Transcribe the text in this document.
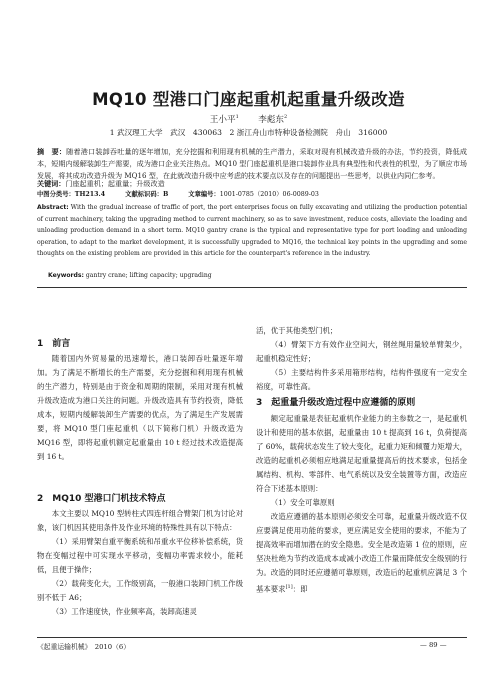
MQ10 型港口门座起重机起重量升级改造
王小平$^1$ 李彪东$^2$
1 武汉理工大学　武汉　430063　2 浙江舟山市特种设备检测院　舟山　316000

摘　要：随着港口装卸吞吐量的逐年增加，充分挖掘和利用现有机械的生产潜力，采取对现有机械改造升级的办法，节约投资，降低成本，短期内缓解装卸生产需要，成为港口企业关注热点。MQ10 型门座起重机是港口装卸作业具有典型性和代表性的机型，为了顺应市场发展，将其成功改造升级为 MQ16 型，在此就改造升级中应考虑的技术要点以及存在的问题提出一些思考，以供业内同仁参考。

关键词：门座起重机；起重量；升级改造

中图分类号：TH213.4	文献标识码：B	文章编号：1001-0785（2010）06-0089-03

Abstract: With the gradual increase of traffic of port, the port enterprises focus on fully excavating and utilizing the production potential of current machinery, taking the upgrading method to current machinery, so as to save investment, reduce costs, alleviate the loading and unloading production demand in a short term. MQ10 gantry crane is the typical and representative type for port loading and unloading operation, to adapt to the market development, it is successfully upgraded to MQ16, the technical key points in the upgrading and some thoughts on the existing problem are provided in this article for the counterpart's reference in the industry.

Keywords: gantry crane; lifting capacity; upgrading

1　前言

随着国内外贸易量的迅速增长，港口装卸吞吐量逐年增加。为了满足不断增长的生产需要，充分挖掘和利用现有机械的生产潜力，特别是由于资金和周期的限制，采用对现有机械升级改造成为港口关注的问题。升级改造具有节约投资，降低成本，短期内缓解装卸生产需要的优点，为了满足生产发展需要，将 MQ10 型门座起重机（以下简称门机）升级改造为 MQ16 型，即将起重机额定起重量由 10 t 经过技术改造提高到 16 t。

2　MQ10 型港口门机技术特点

本文主要以 MQ10 型转柱式四连杆组合臂架门机为讨论对象，该门机因其使用条件及作业环境的特殊性具有以下特点：

（1）采用臂架自重平衡系统和吊重水平位移补偿系统，货物在变幅过程中可实现水平移动，变幅功率需求较小，能耗低，且便于操作；

（2）载荷变化大，工作级别高，一般港口装卸门机工作级别不低于 A6；

（3）工作速度快，作业频率高，装卸高速灵

活，优于其他类型门机；

（4）臂架下方有效作业空间大，钢丝绳用量较单臂架少，起重机稳定性好；

（5）主要结构件多采用箱形结构，结构件强度有一定安全裕度，可靠性高。

3　起重量升级改造过程中应遵循的原则

额定起重量是表征起重机作业能力的主参数之一，是起重机设计和使用的基本依据，起重量由 10 t 提高到 16 t，负荷提高了 60%，载荷状态发生了较大变化，起重力矩和倾覆力矩增大，改造的起重机必须相应地满足起重量提高后的技术要求，包括金属结构、机构、零部件、电气系统以及安全装置等方面，改造应符合下述基本原则：

（1）安全可靠原则

改造应遵循的基本原则必须安全可靠，起重量升级改造不仅应要满足使用功能的要求，更应满足安全使用的要求，不能为了提高效率而增加潜在的安全隐患。安全是改造第 1 位的原则，应坚决杜绝为节约改造成本或减小改造工作量而降低安全级别的行为。改造的同时还应遵循可靠原则，改造后的起重机应满足 3 个基本要求[1]：即

《起重运输机械》　2010（6）	— 89 —
